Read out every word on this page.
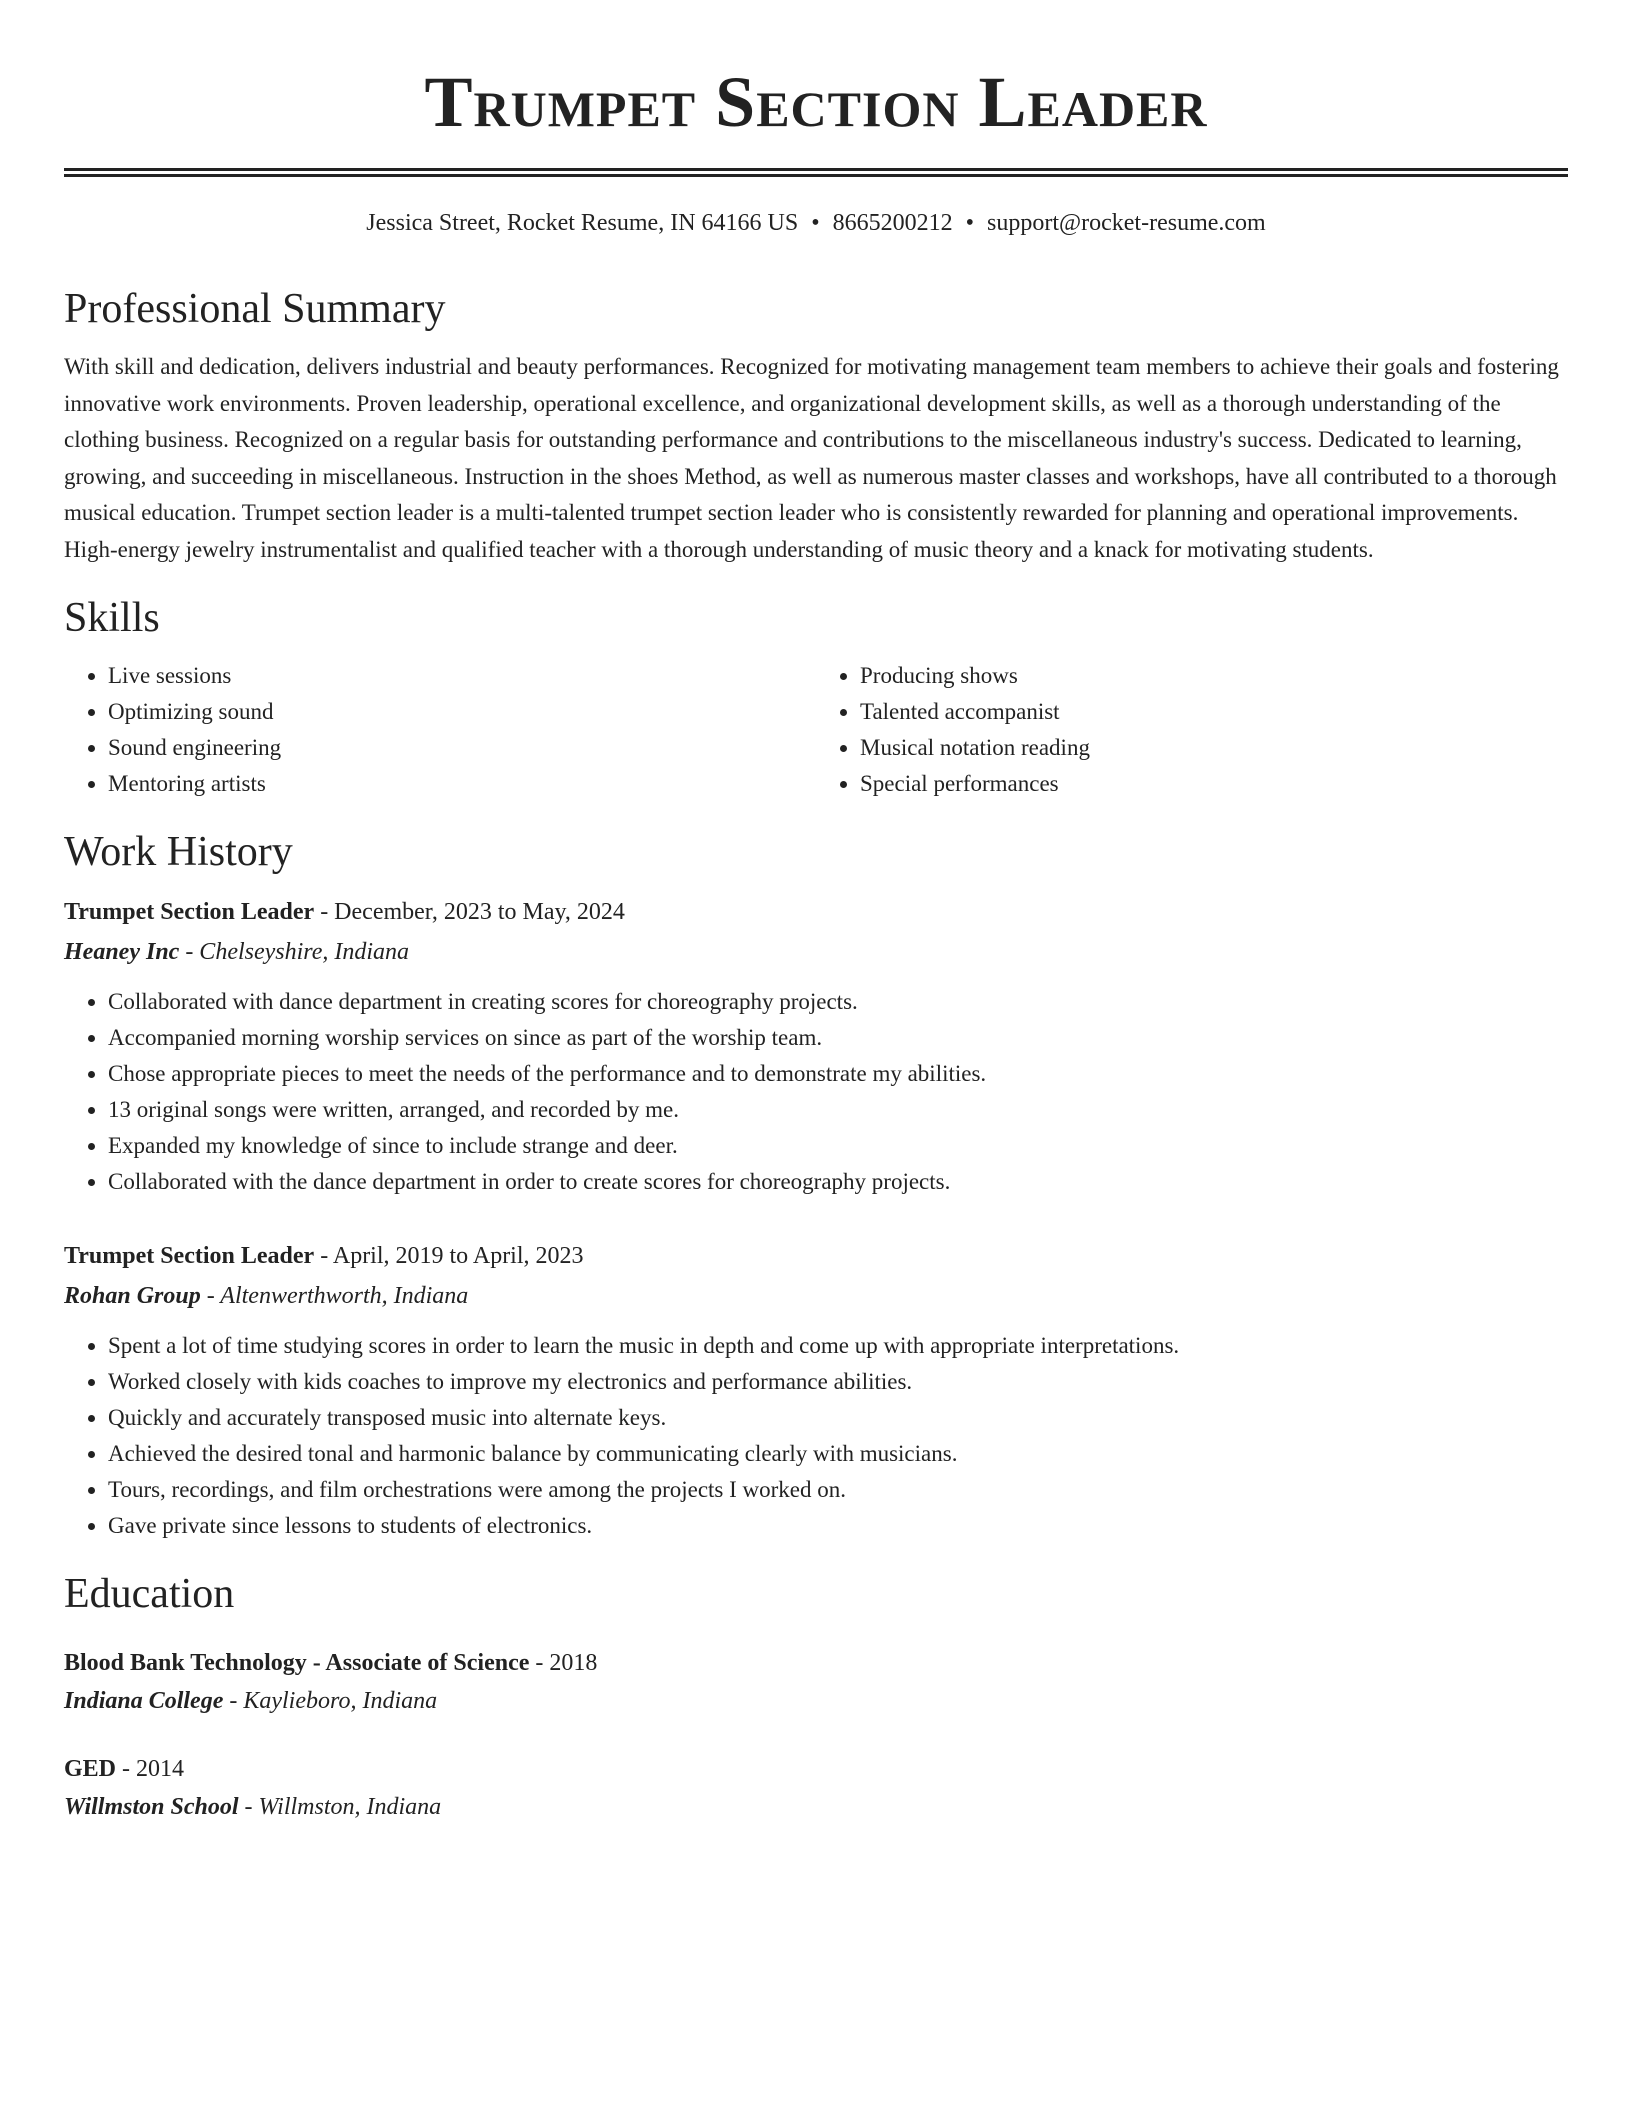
Trumpet Section Leader
Jessica Street, Rocket Resume, IN 64166 US • 8665200212 • support@rocket-resume.com
Professional Summary
With skill and dedication, delivers industrial and beauty performances. Recognized for motivating management team members to achieve their goals and fostering innovative work environments. Proven leadership, operational excellence, and organizational development skills, as well as a thorough understanding of the clothing business. Recognized on a regular basis for outstanding performance and contributions to the miscellaneous industry's success. Dedicated to learning, growing, and succeeding in miscellaneous. Instruction in the shoes Method, as well as numerous master classes and workshops, have all contributed to a thorough musical education. Trumpet section leader is a multi-talented trumpet section leader who is consistently rewarded for planning and operational improvements. High-energy jewelry instrumentalist and qualified teacher with a thorough understanding of music theory and a knack for motivating students.
Skills
• Live sessions
• Optimizing sound
• Sound engineering
• Mentoring artists
• Producing shows
• Talented accompanist
• Musical notation reading
• Special performances
Work History
Trumpet Section Leader - December, 2023 to May, 2024
Heaney Inc - Chelseyshire, Indiana
• Collaborated with dance department in creating scores for choreography projects.
• Accompanied morning worship services on since as part of the worship team.
• Chose appropriate pieces to meet the needs of the performance and to demonstrate my abilities.
• 13 original songs were written, arranged, and recorded by me.
• Expanded my knowledge of since to include strange and deer.
• Collaborated with the dance department in order to create scores for choreography projects.
Trumpet Section Leader - April, 2019 to April, 2023
Rohan Group - Altenwerthworth, Indiana
• Spent a lot of time studying scores in order to learn the music in depth and come up with appropriate interpretations.
• Worked closely with kids coaches to improve my electronics and performance abilities.
• Quickly and accurately transposed music into alternate keys.
• Achieved the desired tonal and harmonic balance by communicating clearly with musicians.
• Tours, recordings, and film orchestrations were among the projects I worked on.
• Gave private since lessons to students of electronics.
Education
Blood Bank Technology - Associate of Science - 2018
Indiana College - Kaylieboro, Indiana
GED - 2014
Willmston School - Willmston, Indiana
